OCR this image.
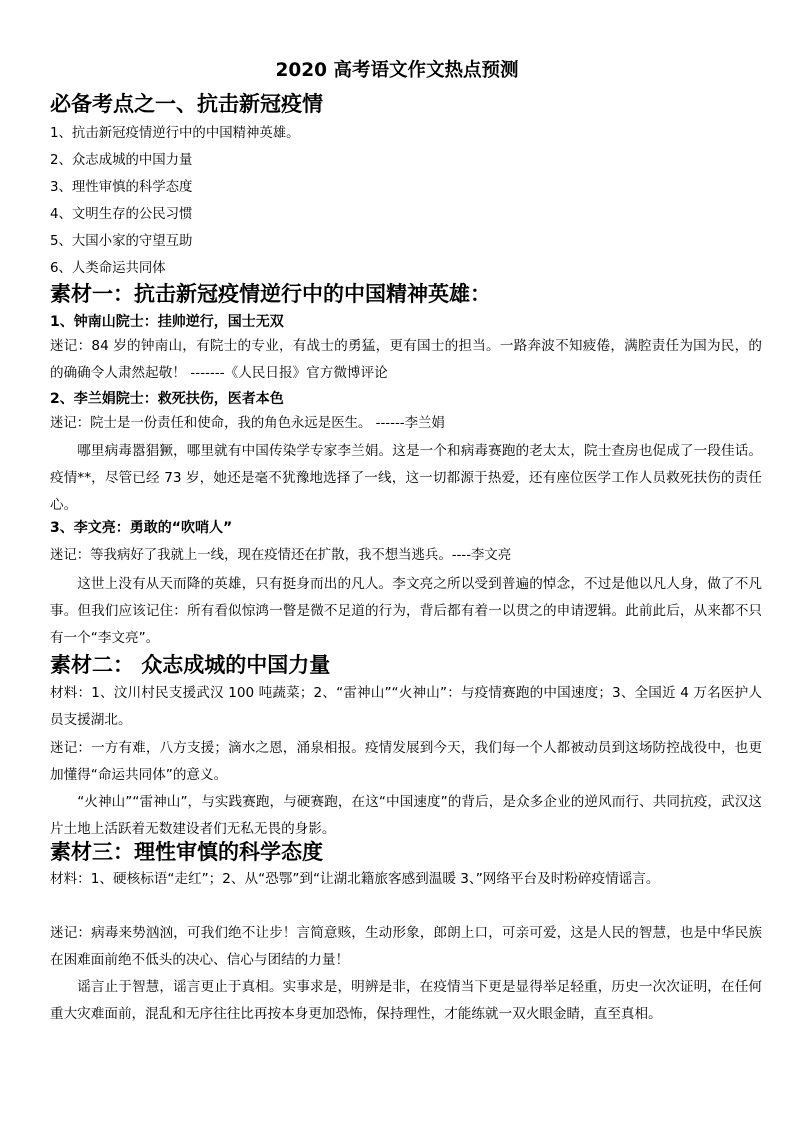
2020 高考语文作文热点预测
必备考点之一、抗击新冠疫情
1、抗击新冠疫情逆行中的中国精神英雄。
2、众志成城的中国力量
3、理性审慎的科学态度
4、文明生存的公民习惯
5、大国小家的守望互助
6、人类命运共同体
素材一：抗击新冠疫情逆行中的中国精神英雄：
1、钟南山院士：挂帅逆行，国士无双
迷记：84 岁的钟南山，有院士的专业，有战士的勇猛，更有国士的担当。一路奔波不知疲倦，满腔责任为国为民，的的确确令人肃然起敬！ -------《人民日报》官方微博评论
2、李兰娟院士：救死扶伤，医者本色
迷记：院士是一份责任和使命，我的角色永远是医生。 ------李兰娟
哪里病毒嚣猖獗，哪里就有中国传染学专家李兰娟。这是一个和病毒赛跑的老太太，院士查房也促成了一段佳话。疫情**，尽管已经 73 岁，她还是毫不犹豫地选择了一线，这一切都源于热爱，还有座位医学工作人员救死扶伤的责任心。
3、李文亮：勇敢的“吹哨人”
迷记：等我病好了我就上一线，现在疫情还在扩散，我不想当逃兵。----李文亮
这世上没有从天而降的英雄，只有挺身而出的凡人。李文亮之所以受到普遍的悼念，不过是他以凡人身，做了不凡事。但我们应该记住：所有看似惊鸿一瞥是微不足道的行为，背后都有着一以贯之的申请逻辑。此前此后，从来都不只有一个“李文亮”。
素材二： 众志成城的中国力量
材料：1、汶川村民支援武汉 100 吨蔬菜；2、“雷神山”“火神山”：与疫情赛跑的中国速度；3、全国近 4 万名医护人员支援湖北。
迷记：一方有难，八方支援；滴水之恩，涌泉相报。疫情发展到今天，我们每一个人都被动员到这场防控战役中，也更加懂得“命运共同体”的意义。
“火神山”“雷神山”，与实践赛跑，与硬赛跑，在这“中国速度”的背后，是众多企业的逆风而行、共同抗疫，武汉这片土地上活跃着无数建设者们无私无畏的身影。
素材三：理性审慎的科学态度
材料：1、硬核标语“走红”；2、从“恐鄂”到“让湖北籍旅客感到温暖 3、”网络平台及时粉碎疫情谣言。
迷记：病毒来势汹汹，可我们绝不让步！言简意赅，生动形象，郎朗上口，可亲可爱，这是人民的智慧，也是中华民族在困难面前绝不低头的决心、信心与团结的力量！
谣言止于智慧，谣言更止于真相。实事求是，明辨是非，在疫情当下更是显得举足轻重，历史一次次证明，在任何重大灾难面前，混乱和无序往往比再按本身更加恐怖，保持理性，才能练就一双火眼金睛，直至真相。
